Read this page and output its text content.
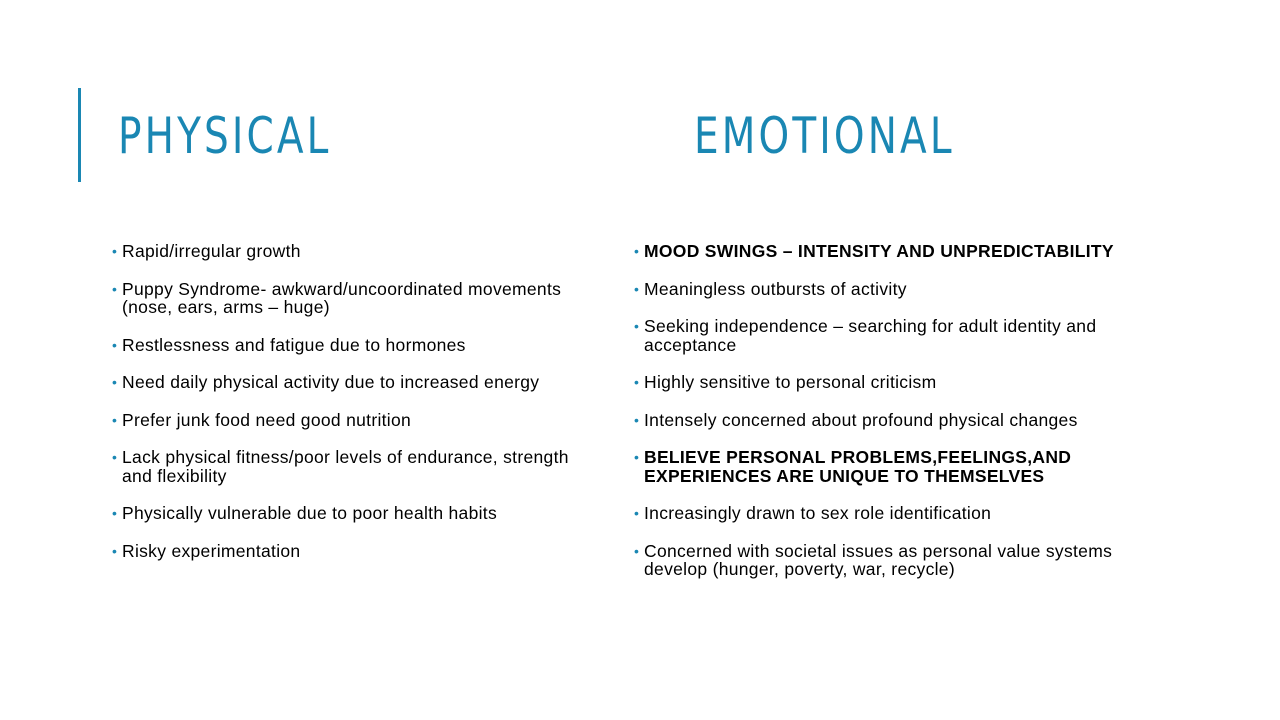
PHYSICAL	EMOTIONAL
• Rapid/irregular growth
• Puppy Syndrome- awkward/uncoordinated movements (nose, ears, arms – huge)
• Restlessness and fatigue due to hormones
• Need daily physical activity due to increased energy
• Prefer junk food need good nutrition
• Lack physical fitness/poor levels of endurance, strength and flexibility
• Physically vulnerable due to poor health habits
• Risky experimentation
• MOOD SWINGS – INTENSITY AND UNPREDICTABILITY
• Meaningless outbursts of activity
• Seeking independence – searching for adult identity and acceptance
• Highly sensitive to personal criticism
• Intensely concerned about profound physical changes
• BELIEVE PERSONAL PROBLEMS,FEELINGS,AND EXPERIENCES ARE UNIQUE TO THEMSELVES
• Increasingly drawn to sex role identification
• Concerned with societal issues as personal value systems develop (hunger, poverty, war, recycle)
